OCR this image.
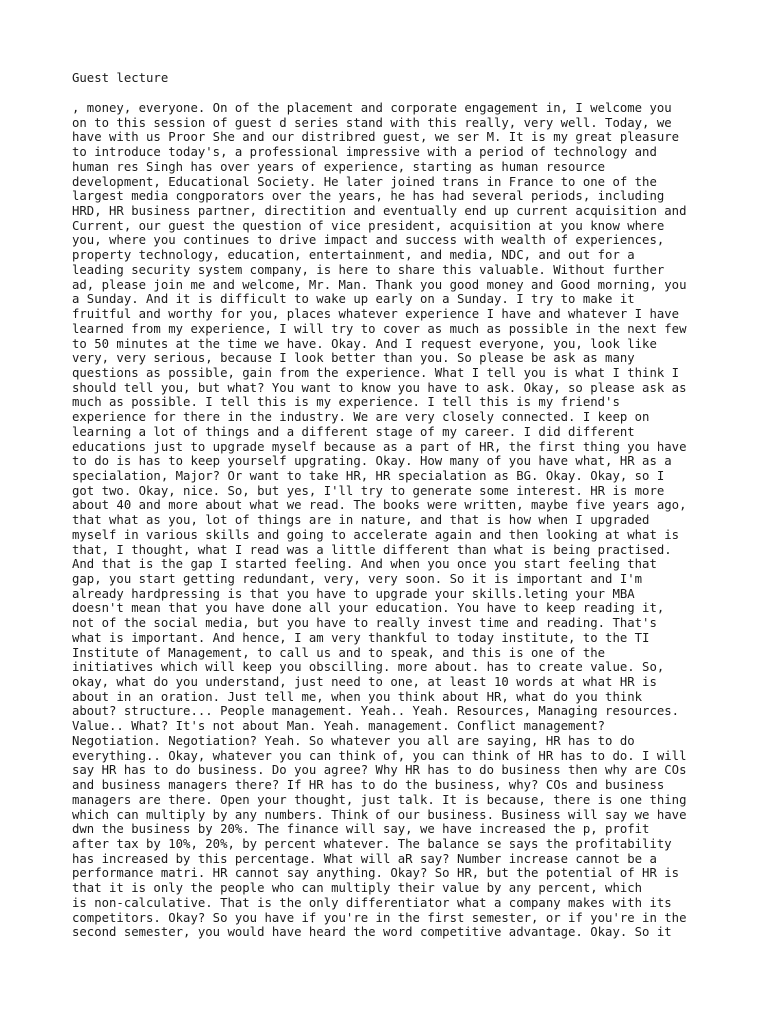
Guest lecture
, money, everyone. On of the placement and corporate engagement in, I welcome you
on to this session of guest d series stand with this really, very well. Today, we
have with us Proor She and our distribred guest, we ser M. It is my great pleasure
to introduce today's, a professional impressive with a period of technology and
human res Singh has over years of experience, starting as human resource
development, Educational Society. He later joined trans in France to one of the
largest media congporators over the years, he has had several periods, including
HRD, HR business partner, directition and eventually end up current acquisition and
Current, our guest the question of vice president, acquisition at you know where
you, where you continues to drive impact and success with wealth of experiences,
property technology, education, entertainment, and media, NDC, and out for a
leading security system company, is here to share this valuable. Without further
ad, please join me and welcome, Mr. Man. Thank you good money and Good morning, you
a Sunday. And it is difficult to wake up early on a Sunday. I try to make it
fruitful and worthy for you, places whatever experience I have and whatever I have
learned from my experience, I will try to cover as much as possible in the next few
to 50 minutes at the time we have. Okay. And I request everyone, you, look like
very, very serious, because I look better than you. So please be ask as many
questions as possible, gain from the experience. What I tell you is what I think I
should tell you, but what? You want to know you have to ask. Okay, so please ask as
much as possible. I tell this is my experience. I tell this is my friend's
experience for there in the industry. We are very closely connected. I keep on
learning a lot of things and a different stage of my career. I did different
educations just to upgrade myself because as a part of HR, the first thing you have
to do is has to keep yourself upgrating. Okay. How many of you have what, HR as a
specialation, Major? Or want to take HR, HR specialation as BG. Okay. Okay, so I
got two. Okay, nice. So, but yes, I'll try to generate some interest. HR is more
about 40 and more about what we read. The books were written, maybe five years ago,
that what as you, lot of things are in nature, and that is how when I upgraded
myself in various skills and going to accelerate again and then looking at what is
that, I thought, what I read was a little different than what is being practised.
And that is the gap I started feeling. And when you once you start feeling that
gap, you start getting redundant, very, very soon. So it is important and I'm
already hardpressing is that you have to upgrade your skills.leting your MBA
doesn't mean that you have done all your education. You have to keep reading it,
not of the social media, but you have to really invest time and reading. That's
what is important. And hence, I am very thankful to today institute, to the TI
Institute of Management, to call us and to speak, and this is one of the
initiatives which will keep you obscilling. more about. has to create value. So,
okay, what do you understand, just need to one, at least 10 words at what HR is
about in an oration. Just tell me, when you think about HR, what do you think
about? structure... People management. Yeah.. Yeah. Resources, Managing resources.
Value.. What? It's not about Man. Yeah. management. Conflict management?
Negotiation. Negotiation? Yeah. So whatever you all are saying, HR has to do
everything.. Okay, whatever you can think of, you can think of HR has to do. I will
say HR has to do business. Do you agree? Why HR has to do business then why are COs
and business managers there? If HR has to do the business, why? COs and business
managers are there. Open your thought, just talk. It is because, there is one thing
which can multiply by any numbers. Think of our business. Business will say we have
dwn the business by 20%. The finance will say, we have increased the p, profit
after tax by 10%, 20%, by percent whatever. The balance se says the profitability
has increased by this percentage. What will aR say? Number increase cannot be a
performance matri. HR cannot say anything. Okay? So HR, but the potential of HR is
that it is only the people who can multiply their value by any percent, which
is non-calculative. That is the only differentiator what a company makes with its
competitors. Okay? So you have if you're in the first semester, or if you're in the
second semester, you would have heard the word competitive advantage. Okay. So it
